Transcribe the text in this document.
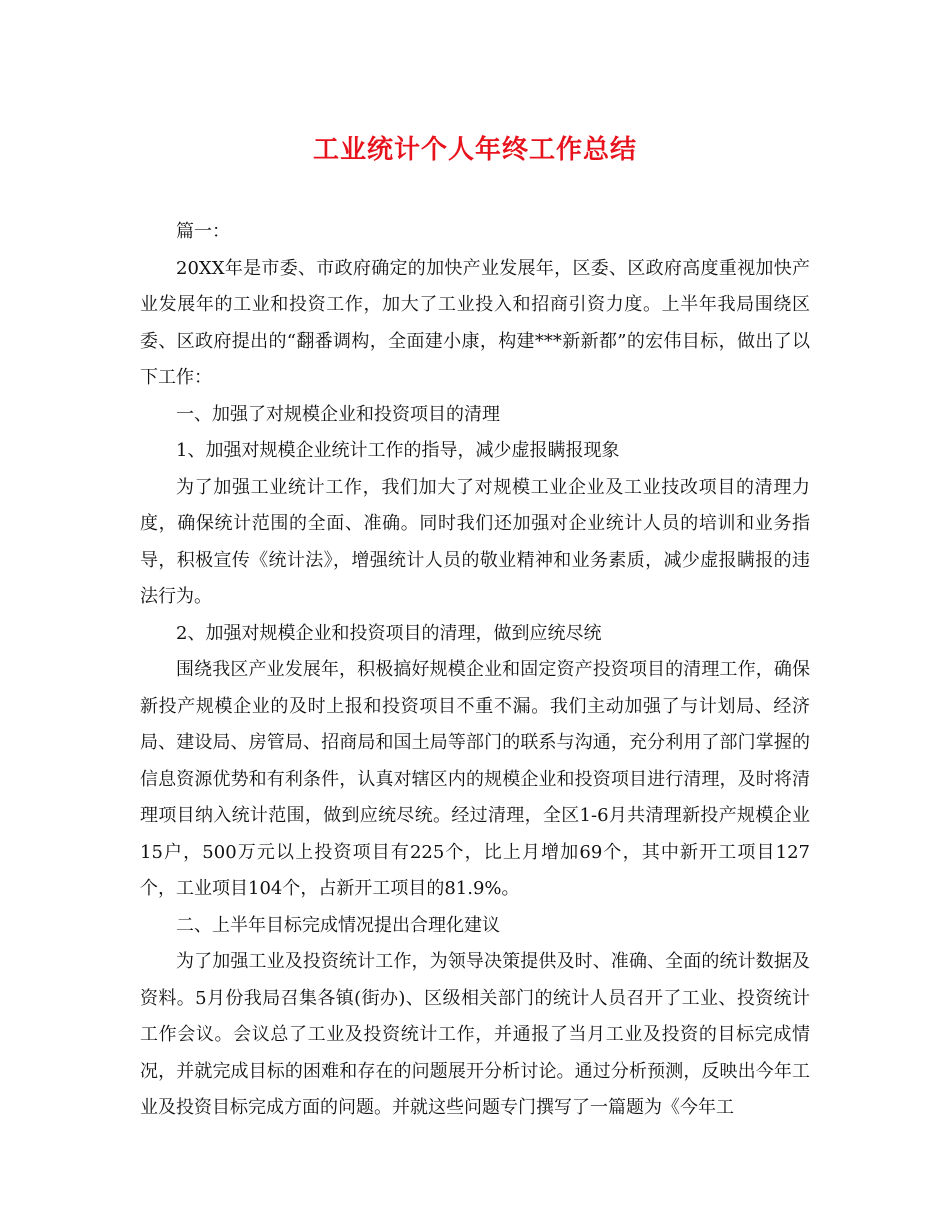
工业统计个人年终工作总结

篇一：

20XX年是市委、市政府确定的加快产业发展年，区委、区政府高度重视加快产业发展年的工业和投资工作，加大了工业投入和招商引资力度。上半年我局围绕区委、区政府提出的“翻番调构，全面建小康，构建***新新都”的宏伟目标，做出了以下工作：

一、加强了对规模企业和投资项目的清理

1、加强对规模企业统计工作的指导，减少虚报瞒报现象

为了加强工业统计工作，我们加大了对规模工业企业及工业技改项目的清理力度，确保统计范围的全面、准确。同时我们还加强对企业统计人员的培训和业务指导，积极宣传《统计法》，增强统计人员的敬业精神和业务素质，减少虚报瞒报的违法行为。

2、加强对规模企业和投资项目的清理，做到应统尽统

围绕我区产业发展年，积极搞好规模企业和固定资产投资项目的清理工作，确保新投产规模企业的及时上报和投资项目不重不漏。我们主动加强了与计划局、经济局、建设局、房管局、招商局和国土局等部门的联系与沟通，充分利用了部门掌握的信息资源优势和有利条件，认真对辖区内的规模企业和投资项目进行清理，及时将清理项目纳入统计范围，做到应统尽统。经过清理，全区1-6月共清理新投产规模企业15户，500万元以上投资项目有225个，比上月增加69个，其中新开工项目127个，工业项目104个，占新开工项目的81.9%。

二、上半年目标完成情况提出合理化建议

为了加强工业及投资统计工作，为领导决策提供及时、准确、全面的统计数据及资料。5月份我局召集各镇(街办)、区级相关部门的统计人员召开了工业、投资统计工作会议。会议总了工业及投资统计工作，并通报了当月工业及投资的目标完成情况，并就完成目标的困难和存在的问题展开分析讨论。通过分析预测，反映出今年工业及投资目标完成方面的问题。并就这些问题专门撰写了一篇题为《今年工
